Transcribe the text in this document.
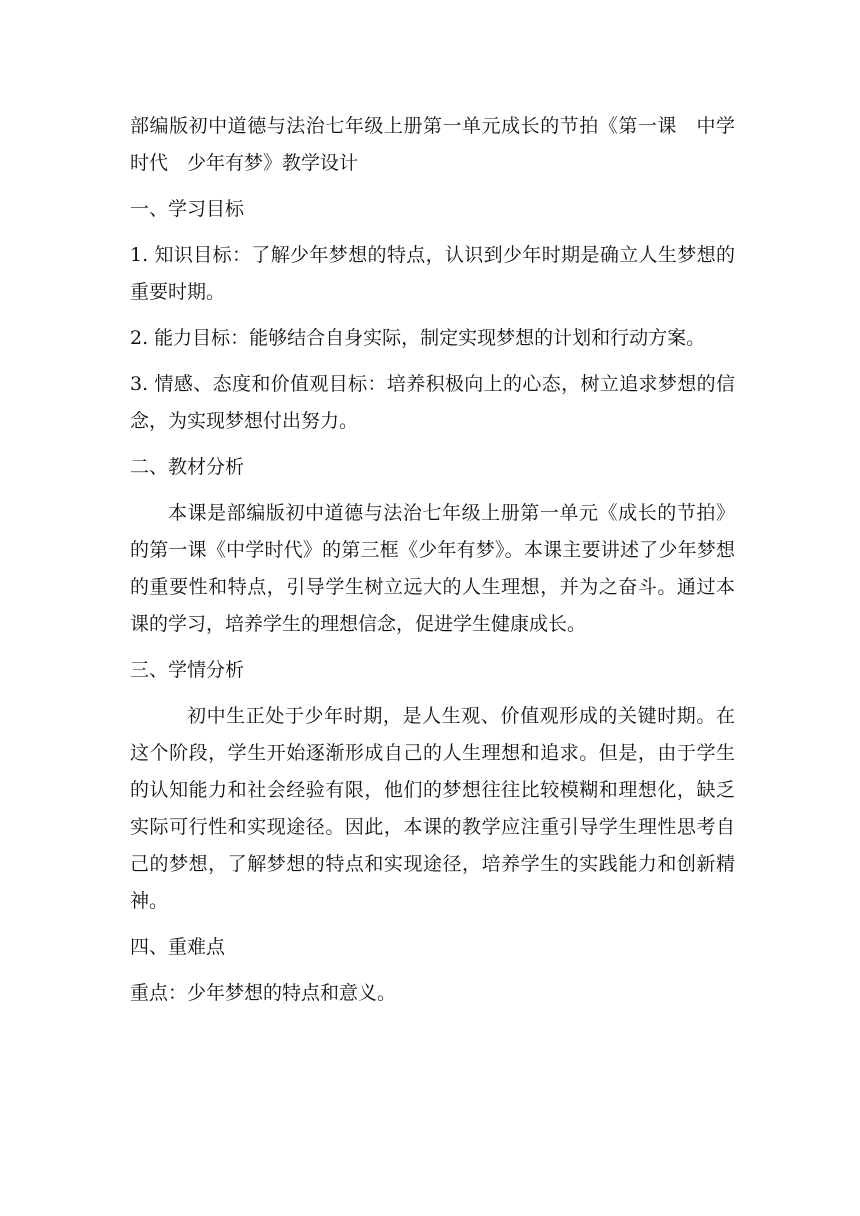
部编版初中道德与法治七年级上册第一单元成长的节拍《第一课　中学时代　少年有梦》教学设计

一、学习目标

1. 知识目标：了解少年梦想的特点，认识到少年时期是确立人生梦想的重要时期。

2. 能力目标：能够结合自身实际，制定实现梦想的计划和行动方案。

3. 情感、态度和价值观目标：培养积极向上的心态，树立追求梦想的信念，为实现梦想付出努力。

二、教材分析

本课是部编版初中道德与法治七年级上册第一单元《成长的节拍》的第一课《中学时代》的第三框《少年有梦》。本课主要讲述了少年梦想的重要性和特点，引导学生树立远大的人生理想，并为之奋斗。通过本课的学习，培养学生的理想信念，促进学生健康成长。

三、学情分析

初中生正处于少年时期，是人生观、价值观形成的关键时期。在这个阶段，学生开始逐渐形成自己的人生理想和追求。但是，由于学生的认知能力和社会经验有限，他们的梦想往往比较模糊和理想化，缺乏实际可行性和实现途径。因此，本课的教学应注重引导学生理性思考自己的梦想，了解梦想的特点和实现途径，培养学生的实践能力和创新精神。

四、重难点

重点：少年梦想的特点和意义。
